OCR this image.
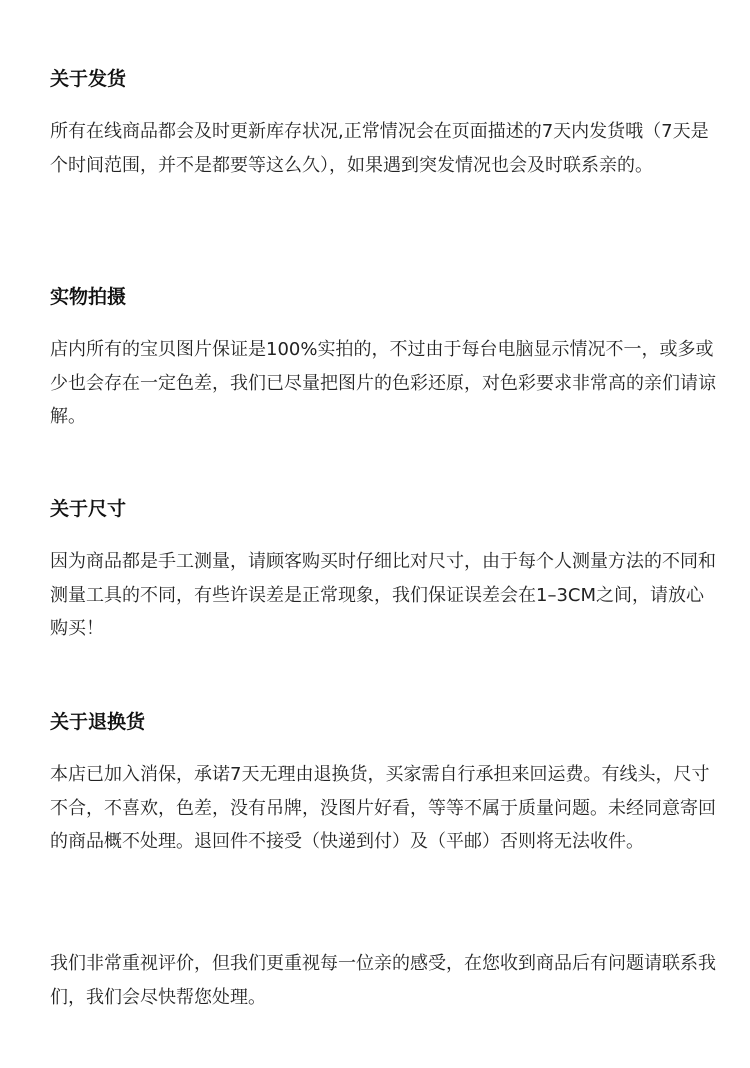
关于发货

所有在线商品都会及时更新库存状况,正常情况会在页面描述的7天内发货哦（7天是个时间范围，并不是都要等这么久），如果遇到突发情况也会及时联系亲的。

实物拍摄

店内所有的宝贝图片保证是100%实拍的，不过由于每台电脑显示情况不一，或多或少也会存在一定色差，我们已尽量把图片的色彩还原，对色彩要求非常高的亲们请谅解。

关于尺寸

因为商品都是手工测量，请顾客购买时仔细比对尺寸，由于每个人测量方法的不同和测量工具的不同，有些许误差是正常现象，我们保证误差会在1–3CM之间，请放心购买！

关于退换货

本店已加入消保，承诺7天无理由退换货，买家需自行承担来回运费。有线头，尺寸不合，不喜欢，色差，没有吊牌，没图片好看，等等不属于质量问题。未经同意寄回的商品概不处理。退回件不接受（快递到付）及（平邮）否则将无法收件。

我们非常重视评价，但我们更重视每一位亲的感受，在您收到商品后有问题请联系我们，我们会尽快帮您处理。
